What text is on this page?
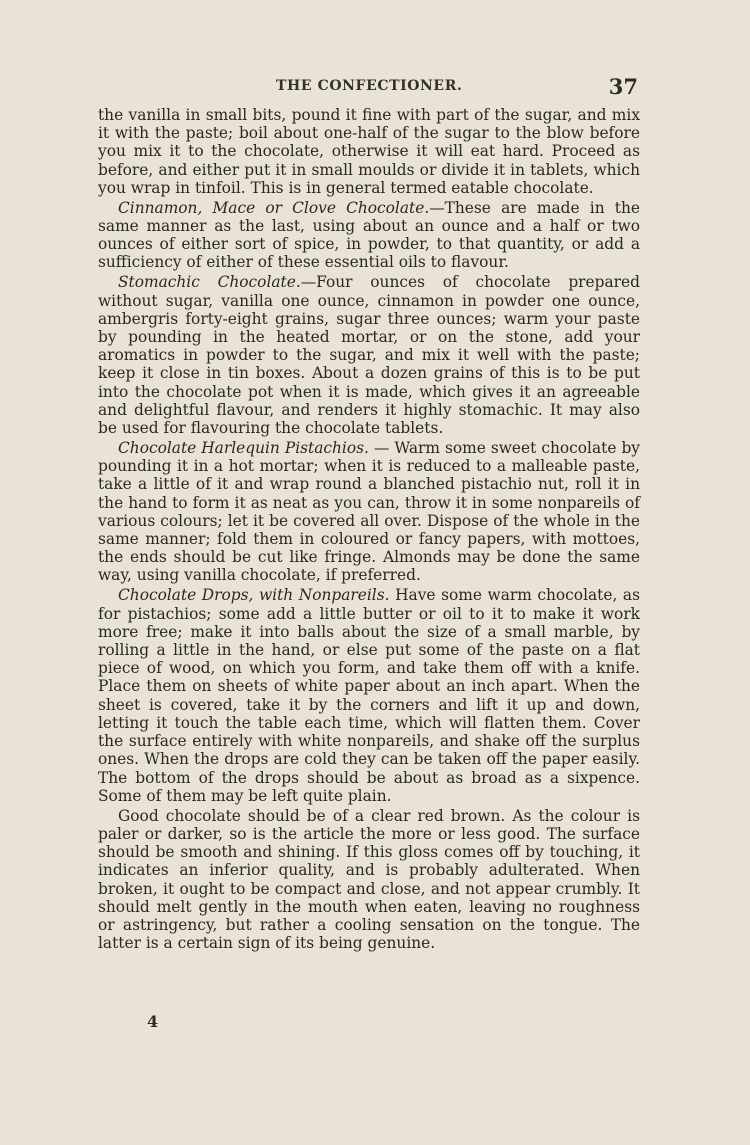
THE CONFECTIONER.	37

the vanilla in small bits, pound it fine with part of the sugar, and mix it with the paste; boil about one-half of the sugar to the blow before you mix it to the chocolate, otherwise it will eat hard. Proceed as before, and either put it in small moulds or divide it in tablets, which you wrap in tinfoil. This is in general termed eatable chocolate.

Cinnamon, Mace or Clove Chocolate.—These are made in the same manner as the last, using about an ounce and a half or two ounces of either sort of spice, in powder, to that quantity, or add a sufficiency of either of these essential oils to flavour.

Stomachic Chocolate.—Four ounces of chocolate prepared without sugar, vanilla one ounce, cinnamon in powder one ounce, ambergris forty-eight grains, sugar three ounces; warm your paste by pounding in the heated mortar, or on the stone, add your aromatics in powder to the sugar, and mix it well with the paste; keep it close in tin boxes. About a dozen grains of this is to be put into the chocolate pot when it is made, which gives it an agreeable and delightful flavour, and renders it highly stomachic. It may also be used for flavouring the chocolate tablets.

Chocolate Harlequin Pistachios. — Warm some sweet chocolate by pounding it in a hot mortar; when it is reduced to a malleable paste, take a little of it and wrap round a blanched pistachio nut, roll it in the hand to form it as neat as you can, throw it in some nonpareils of various colours; let it be covered all over. Dispose of the whole in the same manner; fold them in coloured or fancy papers, with mottoes, the ends should be cut like fringe. Almonds may be done the same way, using vanilla chocolate, if preferred.

Chocolate Drops, with Nonpareils. Have some warm chocolate, as for pistachios; some add a little butter or oil to it to make it work more free; make it into balls about the size of a small marble, by rolling a little in the hand, or else put some of the paste on a flat piece of wood, on which you form, and take them off with a knife. Place them on sheets of white paper about an inch apart. When the sheet is covered, take it by the corners and lift it up and down, letting it touch the table each time, which will flatten them. Cover the surface entirely with white nonpareils, and shake off the surplus ones. When the drops are cold they can be taken off the paper easily. The bottom of the drops should be about as broad as a sixpence. Some of them may be left quite plain.

Good chocolate should be of a clear red brown. As the colour is paler or darker, so is the article the more or less good. The surface should be smooth and shining. If this gloss comes off by touching, it indicates an inferior quality, and is probably adulterated. When broken, it ought to be compact and close, and not appear crumbly. It should melt gently in the mouth when eaten, leaving no roughness or astringency, but rather a cooling sensation on the tongue. The latter is a certain sign of its being genuine.

4
